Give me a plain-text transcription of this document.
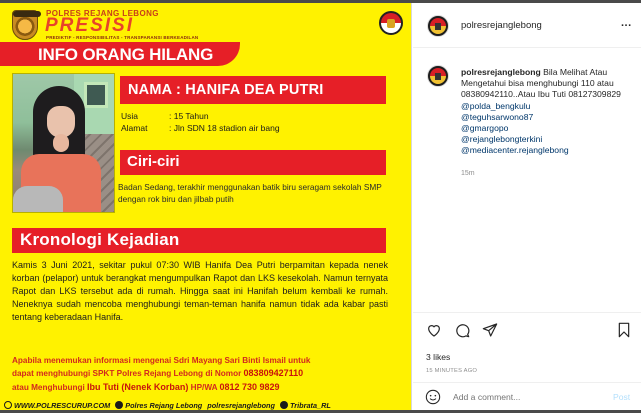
POLRES REJANG LEBONG
PRESISI
PREDIKTIF - RESPONSIBILITAS - TRANSPARANSI BERKEADILAN
INFO ORANG HILANG
NAMA : HANIFA DEA PUTRI
Usia	: 15 Tahun
Alamat	: Jln SDN 18 stadion air bang
Ciri-ciri
Badan Sedang, terakhir menggunakan batik biru seragam sekolah SMP dengan rok biru dan jilbab putih
Kronologi Kejadian
Kamis 3 Juni 2021, sekitar pukul 07:30 WIB Hanifa Dea Putri berpamitan kepada nenek korban (pelapor) untuk berangkat mengumpulkan Rapot dan LKS kesekolah. Namun ternyata Rapot dan LKS tersebut ada di rumah. Hingga saat ini Hanifah belum kembali ke rumah. Neneknya sudah mencoba menghubungi teman-teman hanifa namun tidak ada kabar pasti tentang keberadaan Hanifa.
Apabila menemukan informasi mengenai Sdri Mayang Sari Binti Ismail untuk
dapat menghubungi SPKT Polres Rejang Lebong di Nomor 083809427110
atau Menghubungi Ibu Tuti (Nenek Korban) HP/WA 0812 730 9829
WWW.POLRESCURUP.COM Polres Rejang Lebong polresrejanglebong Tribrata_RL
polresrejanglebong	...
polresrejanglebong Bila Melihat Atau Mengetahui bisa menghubungi 110 atau 08380942110..Atau Ibu Tuti 08127309829
@polda_bengkulu
@teguhsarwono87
@gmargopo
@rejanglebongterkini
@mediacenter.rejanglebong
15m
3 likes
15 MINUTES AGO
Add a comment...
Post
